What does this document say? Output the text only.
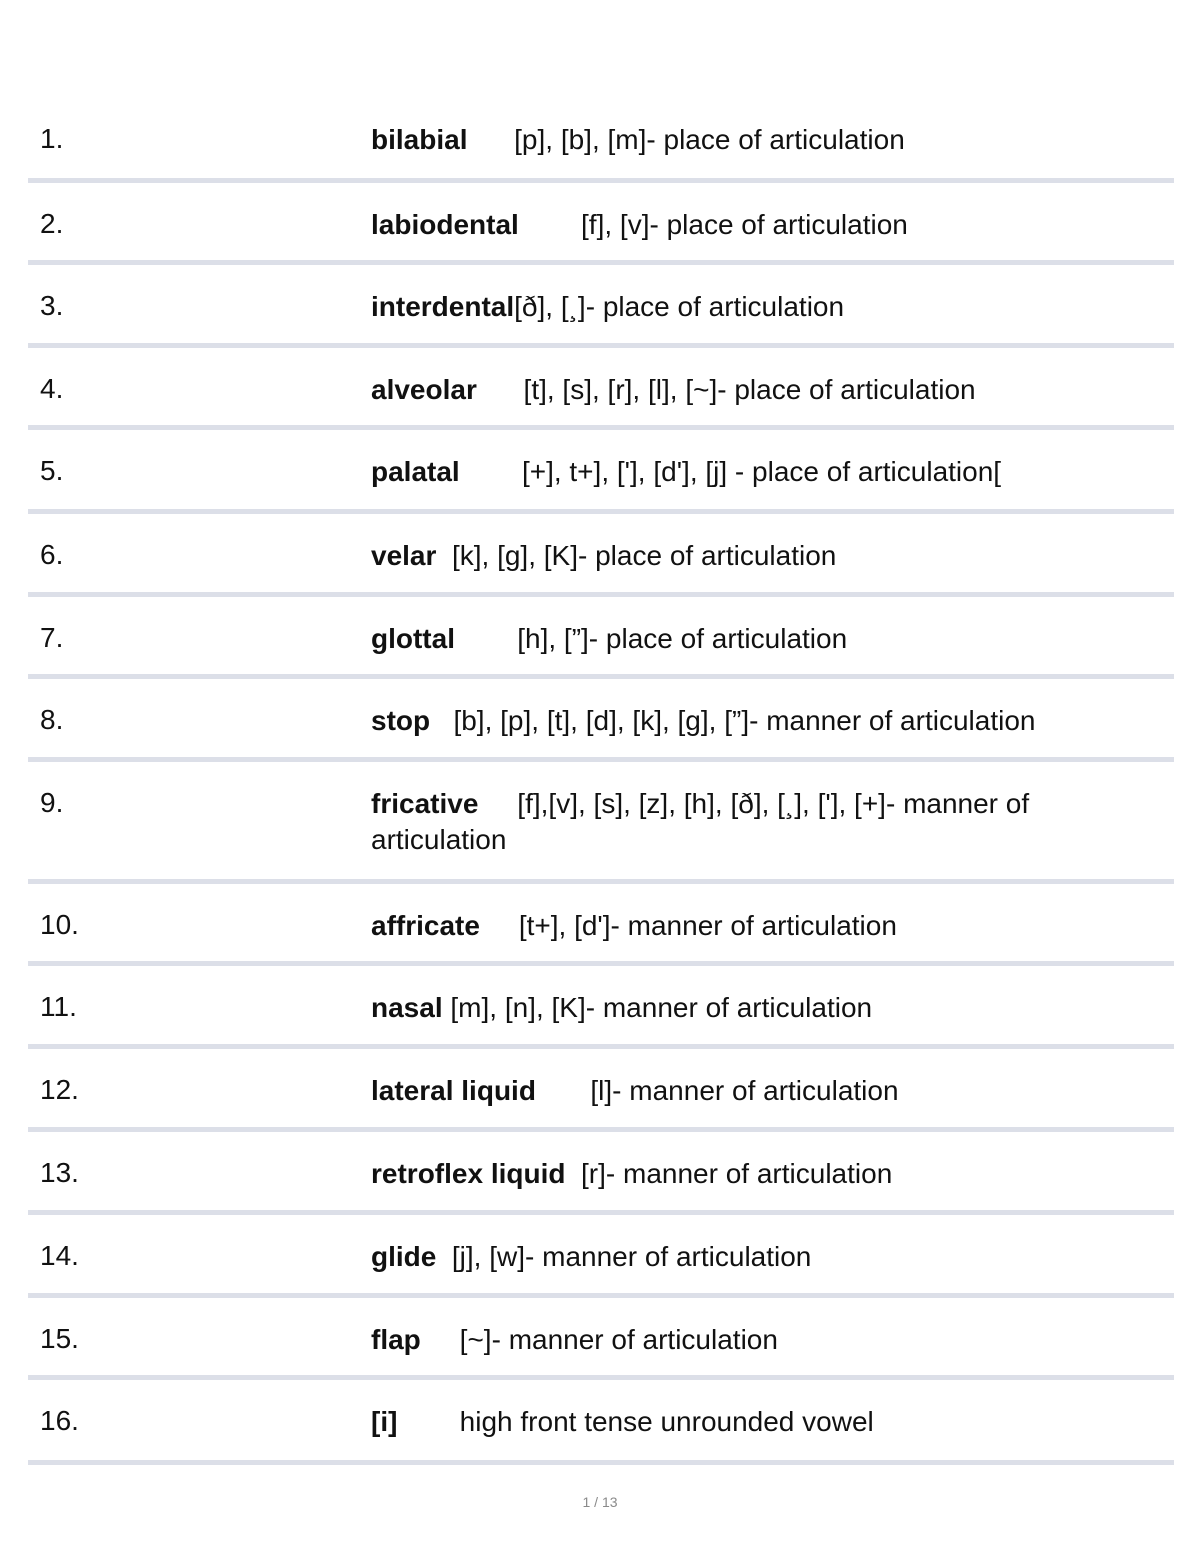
1.	bilabial      [p], [b], [m]- place of articulation
2.	labiodental        [f], [v]- place of articulation
3.	interdental[ð], [¸]- place of articulation
4.	alveolar      [t], [s], [r], [l], [~]- place of articulation
5.	palatal        [+], t+], ['], [d'], [j] - place of articulation[
6.	velar  [k], [g], [K]- place of articulation
7.	glottal        [h], [”]- place of articulation
8.	stop   [b], [p], [t], [d], [k], [g], [”]- manner of articulation
9.	fricative     [f],[v], [s], [z], [h], [ð], [¸], ['], [+]- manner of articulation
10.	affricate     [t+], [d']- manner of articulation
11.	nasal [m], [n], [K]- manner of articulation
12.	lateral liquid       [l]- manner of articulation
13.	retroflex liquid  [r]- manner of articulation
14.	glide  [j], [w]- manner of articulation
15.	flap     [~]- manner of articulation
16.	[i]        high front tense unrounded vowel
1 / 13
